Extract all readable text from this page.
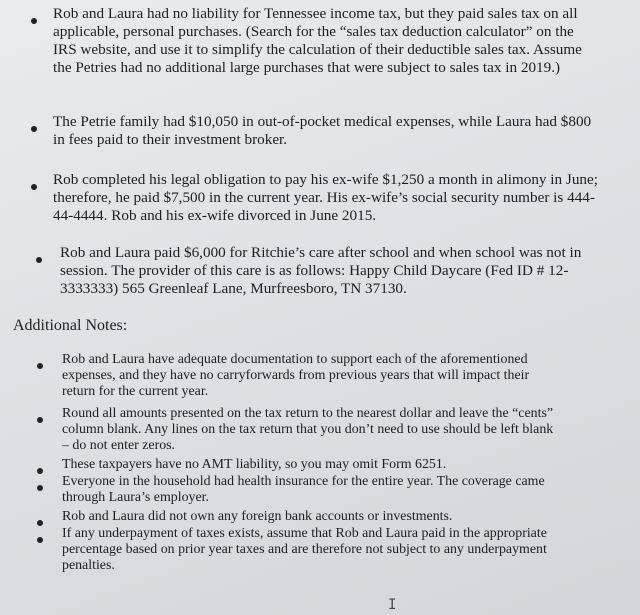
Rob and Laura had no liability for Tennessee income tax, but they paid sales tax on all

applicable, personal purchases. (Search for the “sales tax deduction calculator” on the

IRS website, and use it to simplify the calculation of their deductible sales tax. Assume

the Petries had no additional large purchases that were subject to sales tax in 2019.)

The Petrie family had $10,050 in out-of-pocket medical expenses, while Laura had $800

in fees paid to their investment broker.

Rob completed his legal obligation to pay his ex-wife $1,250 a month in alimony in June;

therefore, he paid $7,500 in the current year. His ex-wife’s social security number is 444-

44-4444. Rob and his ex-wife divorced in June 2015.

Rob and Laura paid $6,000 for Ritchie’s care after school and when school was not in

session. The provider of this care is as follows: Happy Child Daycare (Fed ID # 12-

3333333) 565 Greenleaf Lane, Murfreesboro, TN 37130.

Additional Notes:

Rob and Laura have adequate documentation to support each of the aforementioned

expenses, and they have no carryforwards from previous years that will impact their

return for the current year.

Round all amounts presented on the tax return to the nearest dollar and leave the “cents”

column blank. Any lines on the tax return that you don’t need to use should be left blank

– do not enter zeros.

These taxpayers have no AMT liability, so you may omit Form 6251.

Everyone in the household had health insurance for the entire year. The coverage came

through Laura’s employer.

Rob and Laura did not own any foreign bank accounts or investments.

If any underpayment of taxes exists, assume that Rob and Laura paid in the appropriate

percentage based on prior year taxes and are therefore not subject to any underpayment

penalties.

I
